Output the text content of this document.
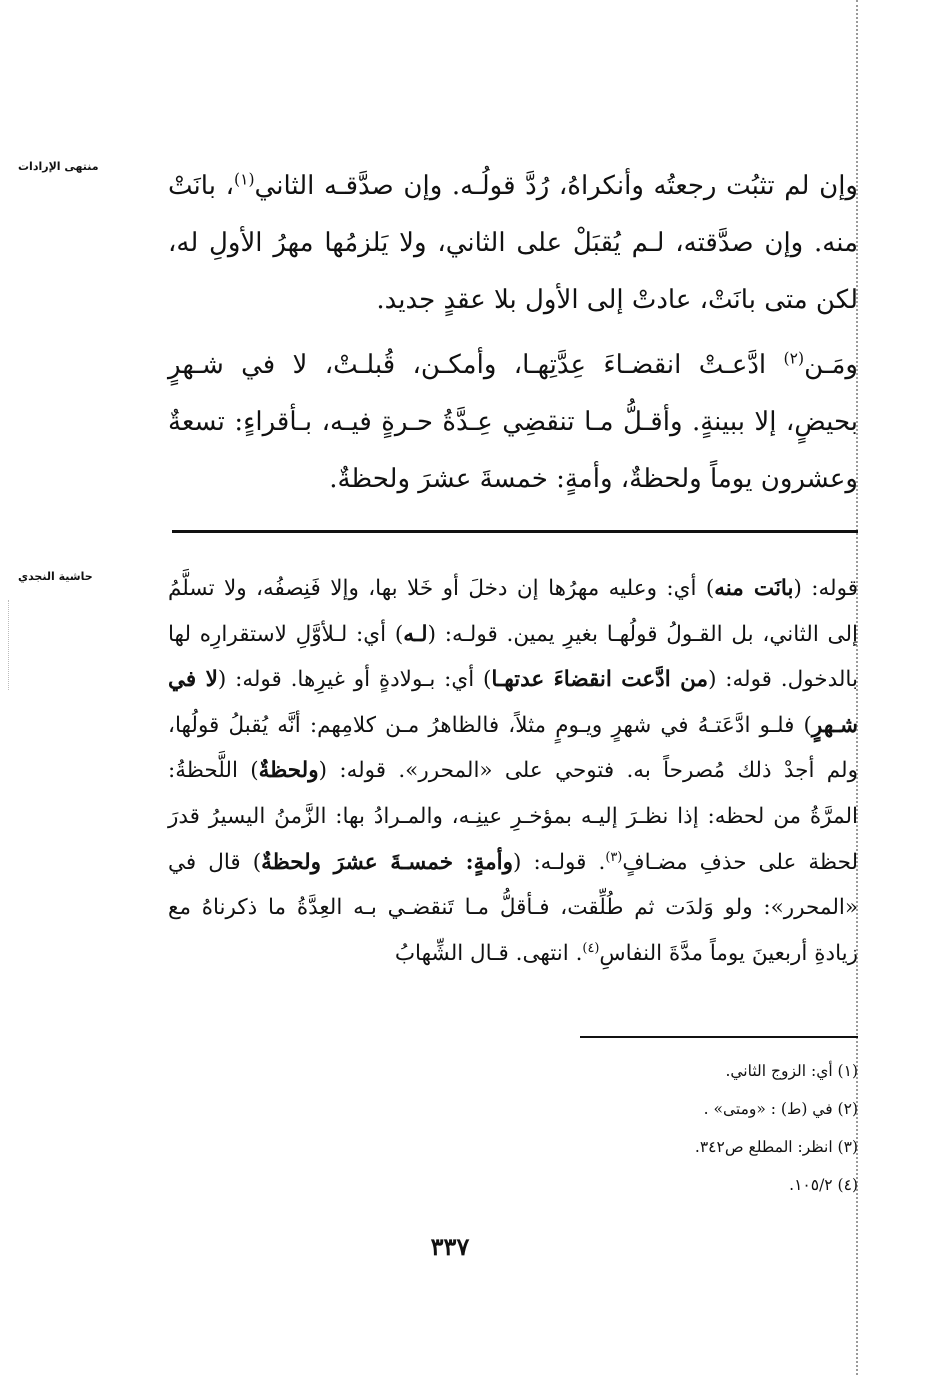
منتهى الإرادات

وإن لم تثبُت رجعتُه وأنكراهُ، رُدَّ قولُـه. وإن صدَّقـه الثاني$^{(١)}$، بانَتْ منه. وإن صدَّقته، لـم يُقبَلْ على الثاني، ولا يَلزمُها مهرُ الأولِ له، لكن متى بانَتْ، عادتْ إلى الأول بلا عقدٍ جديد.

ومَـن$^{(٢)}$ ادَّعـتْ انقضـاءَ عِدَّتِهـا، وأمكـن، قُبلـتْ، لا في شـهرٍ بحيضٍ، إلا ببينةٍ. وأقـلُّ مـا تنقضِي عِـدَّةُ حـرةٍ فيـه، بـأقراءٍ: تسعةٌ وعشرون يوماً ولحظةٌ، وأمةٍ: خمسةَ عشرَ ولحظةٌ.

حاشية النجدي	قوله: (بانَت منه) أي: وعليه مهرُها إن دخلَ أو خَلا بها، وإلا فَنِصفُه، ولا تسلَّمُ إلى الثاني، بل القـولُ قولُهـا بغيرِ يمين. قولـه: (لـه) أي: لـلأوَّلِ لاستقرارِه لها بالدخول. قوله: (من ادَّعت انقضاءَ عدتهـا) أي: بـولادةٍ أو غيرِها. قوله: (لا في شـهرٍ) فلـو ادَّعَتـهُ في شهرٍ ويـومٍ مثلاً، فالظاهرُ مـن كلامِهم: أنَّه يُقبلُ قولُها، ولم أجدْ ذلك مُصرحاً به. فتوحي على «المحرر». قوله: (ولحظةٌ) اللَّحظةُ: المرَّةُ من لحظه: إذا نظـرَ إليـه بمؤخـرِ عينِـه، والمـرادُ بها: الزَّمنُ اليسيرُ قدرَ لحظة على حذفِ مضـافٍ$^{(٣)}$. قولـه: (وأمةٍ: خمسـةَ عشرَ ولحظةٌ) قال في «المحرر»: ولو وَلدَت ثم طُلِّقت، فـأقلُّ مـا تَنقضـي بـه العِدَّةُ ما ذكرناهُ مع زيادةِ أربعينَ يوماً مدَّةَ النفاسِ$^{(٤)}$. انتهى. قـال الشِّهابُ

(١) أي: الزوج الثاني.
(٢) في (ط) : «ومتى» .
(٣) انظر: المطلع ص٣٤٢.
(٤) ١٠٥/٢.
٣٣٧
